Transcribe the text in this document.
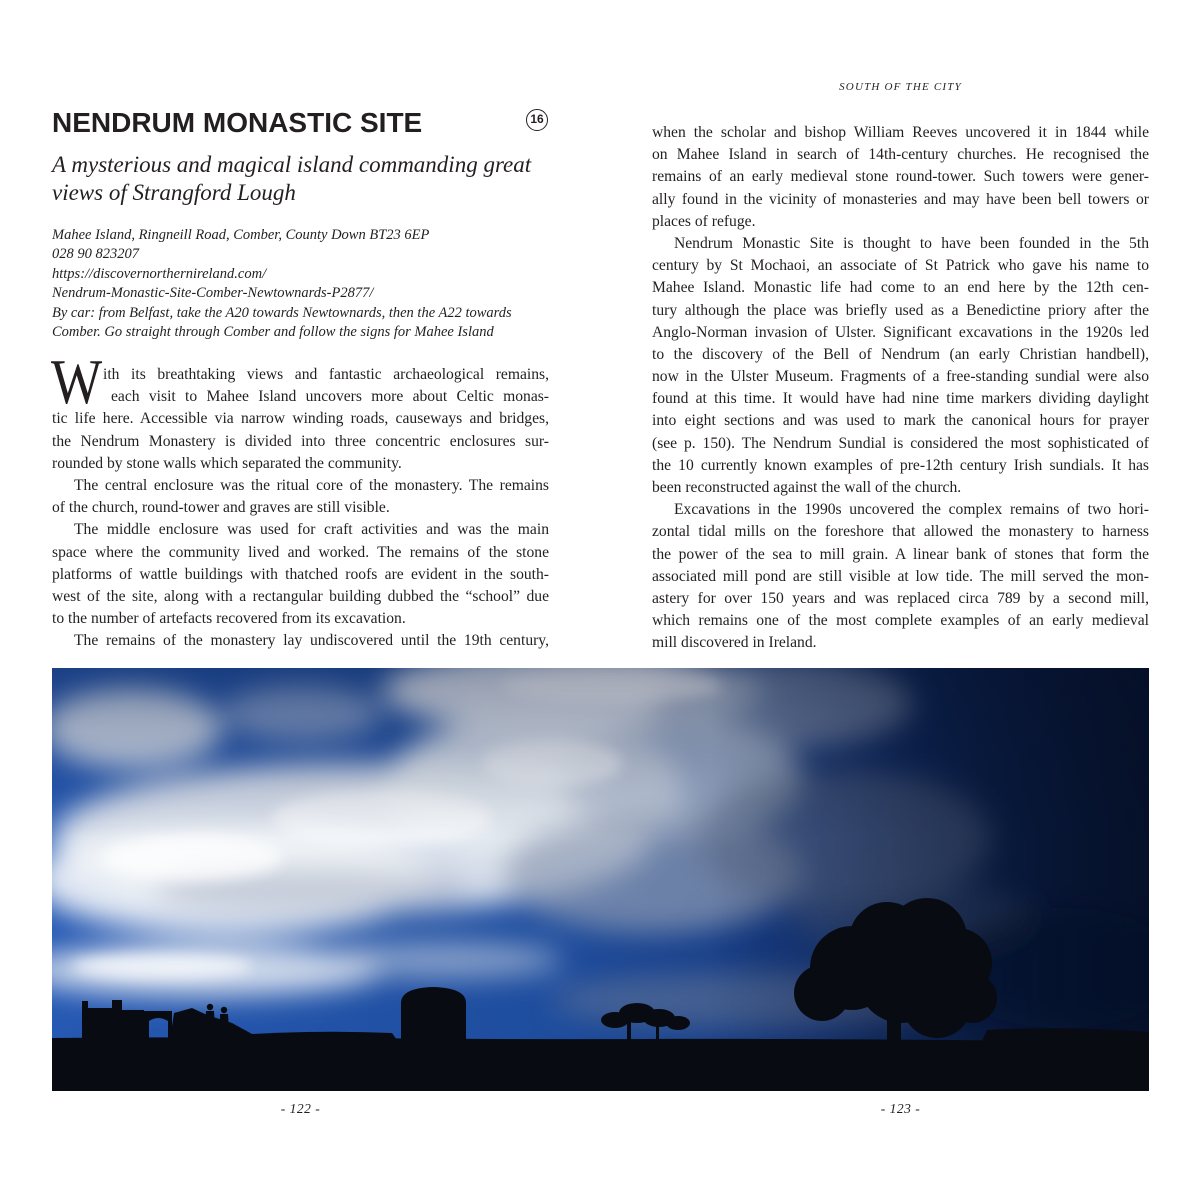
SOUTH OF THE CITY
NENDRUM MONASTIC SITE	16
A mysterious and magical island commanding great
views of Strangford Lough
Mahee Island, Ringneill Road, Comber, County Down BT23 6EP
028 90 823207
https://discovernorthernireland.com/
Nendrum-Monastic-Site-Comber-Newtownards-P2877/
By car: from Belfast, take the A20 towards Newtownards, then the A22 towards
Comber. Go straight through Comber and follow the signs for Mahee Island
W ith its breathtaking views and fantastic archaeological remains,
each visit to Mahee Island uncovers more about Celtic monas-
tic life here. Accessible via narrow winding roads, causeways and bridges,
the Nendrum Monastery is divided into three concentric enclosures sur-
rounded by stone walls which separated the community.
The central enclosure was the ritual core of the monastery. The remains
of the church, round-tower and graves are still visible.
The middle enclosure was used for craft activities and was the main
space where the community lived and worked. The remains of the stone
platforms of wattle buildings with thatched roofs are evident in the south-
west of the site, along with a rectangular building dubbed the “school” due
to the number of artefacts recovered from its excavation.
The remains of the monastery lay undiscovered until the 19th century,
when the scholar and bishop William Reeves uncovered it in 1844 while
on Mahee Island in search of 14th-century churches. He recognised the
remains of an early medieval stone round-tower. Such towers were gener-
ally found in the vicinity of monasteries and may have been bell towers or
places of refuge.
Nendrum Monastic Site is thought to have been founded in the 5th
century by St Mochaoi, an associate of St Patrick who gave his name to
Mahee Island. Monastic life had come to an end here by the 12th cen-
tury although the place was briefly used as a Benedictine priory after the
Anglo-Norman invasion of Ulster. Significant excavations in the 1920s led
to the discovery of the Bell of Nendrum (an early Christian handbell),
now in the Ulster Museum. Fragments of a free-standing sundial were also
found at this time. It would have had nine time markers dividing daylight
into eight sections and was used to mark the canonical hours for prayer
(see p. 150). The Nendrum Sundial is considered the most sophisticated of
the 10 currently known examples of pre-12th century Irish sundials. It has
been reconstructed against the wall of the church.
Excavations in the 1990s uncovered the complex remains of two hori-
zontal tidal mills on the foreshore that allowed the monastery to harness
the power of the sea to mill grain. A linear bank of stones that form the
associated mill pond are still visible at low tide. The mill served the mon-
astery for over 150 years and was replaced circa 789 by a second mill,
which remains one of the most complete examples of an early medieval
mill discovered in Ireland.
- 122 -	- 123 -
